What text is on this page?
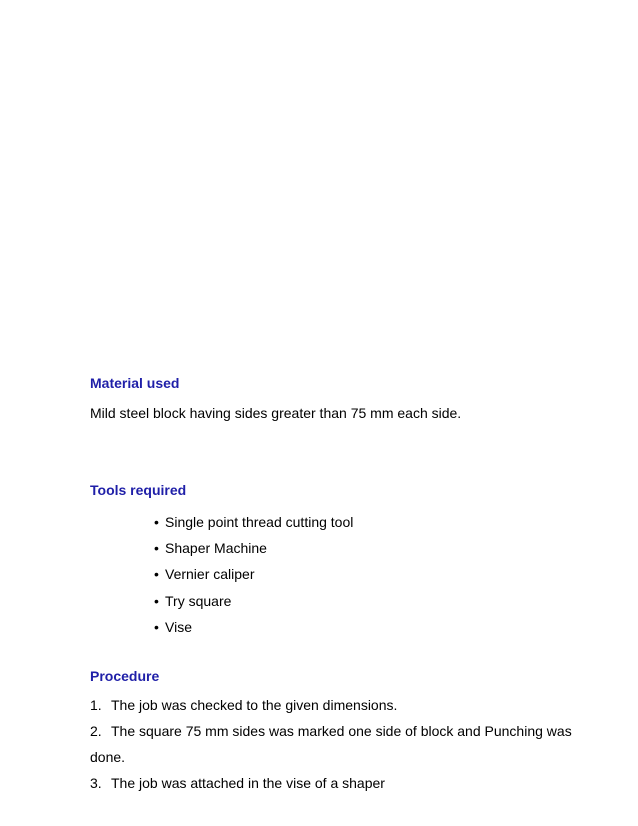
Material used

Mild steel block having sides greater than 75 mm each side.

Tools required
• Single point thread cutting tool
• Shaper Machine
• Vernier caliper
• Try square
• Vise
Procedure
1. The job was checked to the given dimensions.
2. The square 75 mm sides was marked one side of block and Punching was done.
3. The job was attached in the vise of a shaper
